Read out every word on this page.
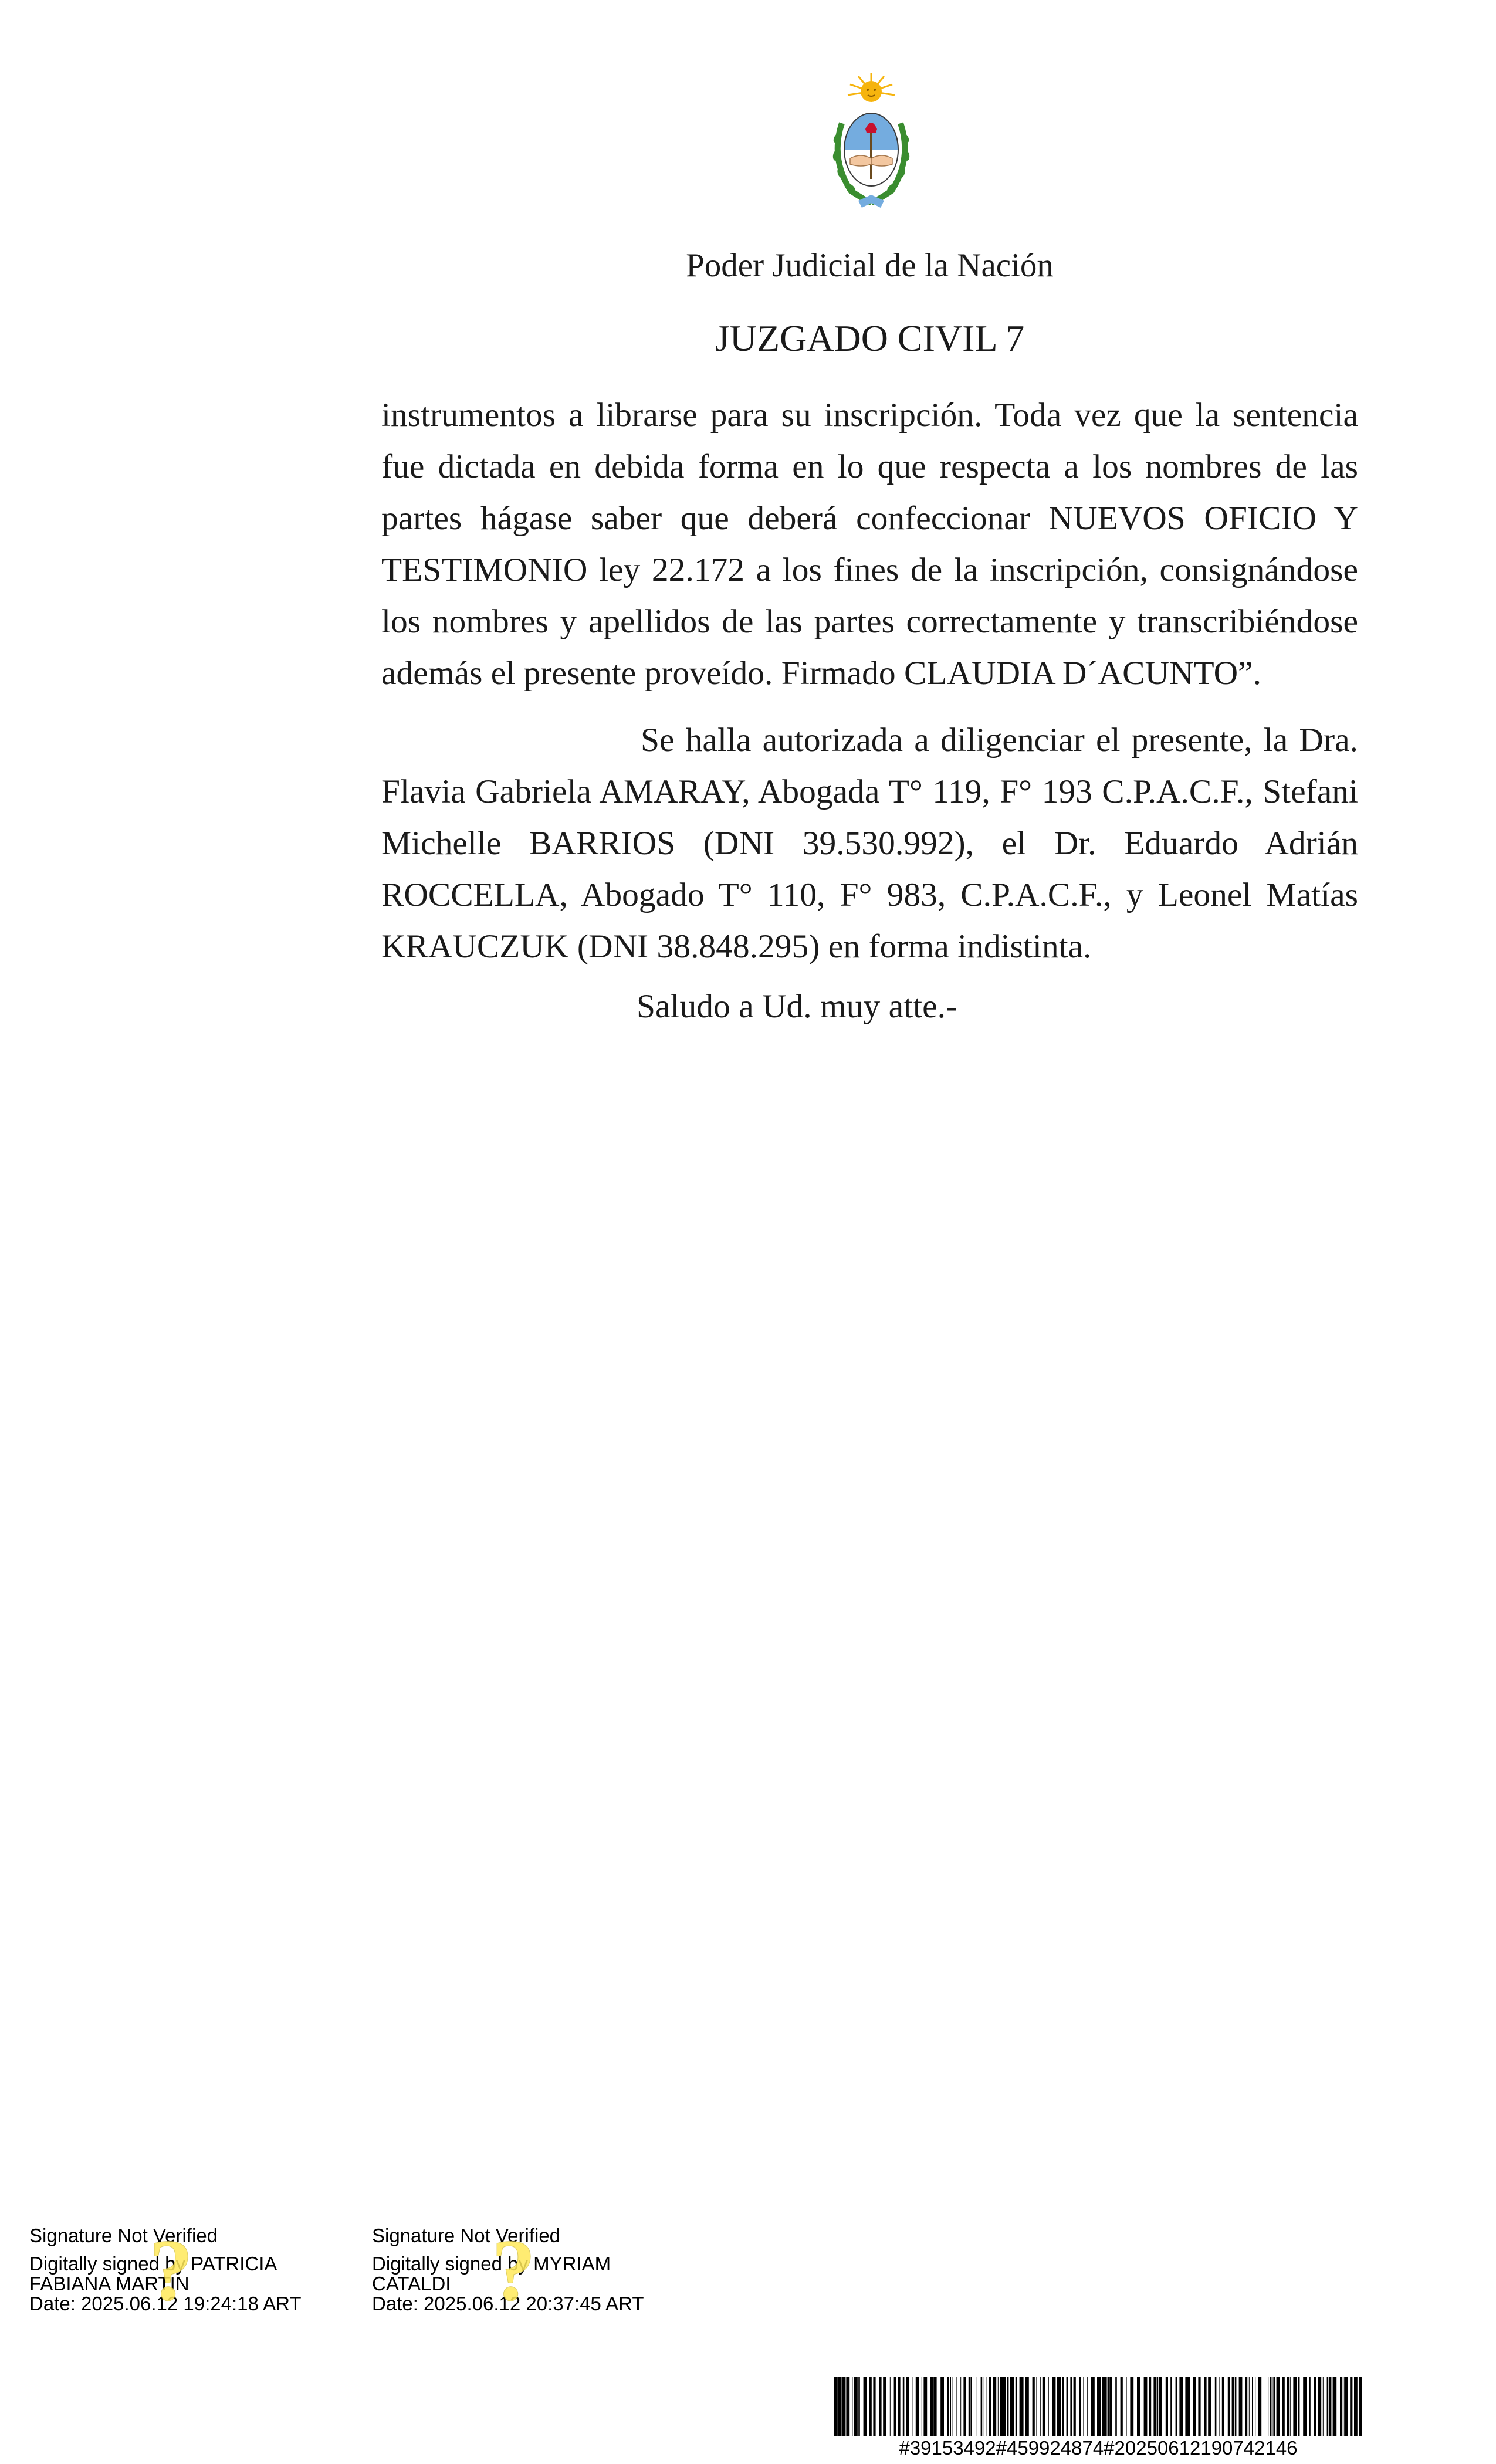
Poder Judicial de la Nación
JUZGADO CIVIL 7

instrumentos a librarse para su inscripción. Toda vez que la sentencia fue dictada en debida forma en lo que respecta a los nombres de las partes hágase saber que deberá confeccionar NUEVOS OFICIO Y TESTIMONIO ley 22.172 a los fines de la inscripción, consignándose los nombres y apellidos de las partes correctamente y transcribiéndose además el presente proveído. Firmado CLAUDIA D´ACUNTO”.

Se halla autorizada a diligenciar el presente, la Dra. Flavia Gabriela AMARAY, Abogada T° 119, F° 193 C.P.A.C.F., Stefani Michelle BARRIOS (DNI 39.530.992), el Dr. Eduardo Adrián ROCCELLA, Abogado T° 110, F° 983, C.P.A.C.F., y Leonel Matías KRAUCZUK (DNI 38.848.295) en forma indistinta.

Saludo a Ud. muy atte.-
Signature Not Verified
Digitally signed by PATRICIA
FABIANA MARTIN
Date: 2025.06.12 19:24:18 ART
?	Signature Not Verified
Digitally signed by MYRIAM
CATALDI
Date: 2025.06.12 20:37:45 ART
?
#39153492#459924874#20250612190742146
